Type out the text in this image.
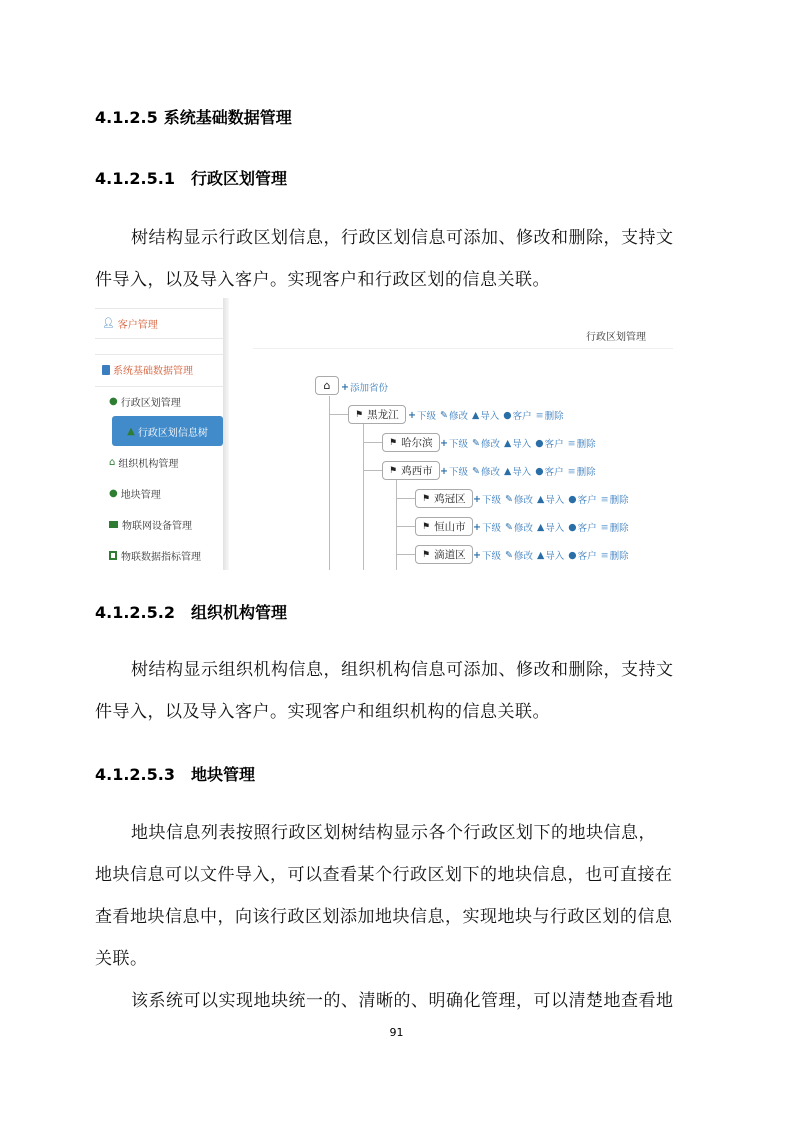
4.1.2.5 系统基础数据管理
4.1.2.5.1 行政区划管理
树结构显示行政区划信息，行政区划信息可添加、修改和删除，支持文
件导入，以及导入客户。实现客户和行政区划的信息关联。
👤︎ 客户管理
系统基础数据管理
● 行政区划管理
▲ 行政区划信息树
⌂ 组织机构管理
● 地块管理
物联网设备管理
物联数据指标管理
行政区划管理
⌂ + 添加省份
⚑ 黑龙江 + 下级 ✎ 修改 ▲ 导入 ● 客户 ≡ 删除
⚑ 哈尔滨 + 下级 ✎ 修改 ▲ 导入 ● 客户 ≡ 删除
⚑ 鸡西市 + 下级 ✎ 修改 ▲ 导入 ● 客户 ≡ 删除
⚑ 鸡冠区 + 下级 ✎ 修改 ▲ 导入 ● 客户 ≡ 删除
⚑ 恒山市 + 下级 ✎ 修改 ▲ 导入 ● 客户 ≡ 删除
⚑ 滴道区 + 下级 ✎ 修改 ▲ 导入 ● 客户 ≡ 删除
4.1.2.5.2 组织机构管理
树结构显示组织机构信息，组织机构信息可添加、修改和删除，支持文
件导入，以及导入客户。实现客户和组织机构的信息关联。
4.1.2.5.3 地块管理
地块信息列表按照行政区划树结构显示各个行政区划下的地块信息，
地块信息可以文件导入，可以查看某个行政区划下的地块信息，也可直接在
查看地块信息中，向该行政区划添加地块信息，实现地块与行政区划的信息
关联。
该系统可以实现地块统一的、清晰的、明确化管理，可以清楚地查看地
91
